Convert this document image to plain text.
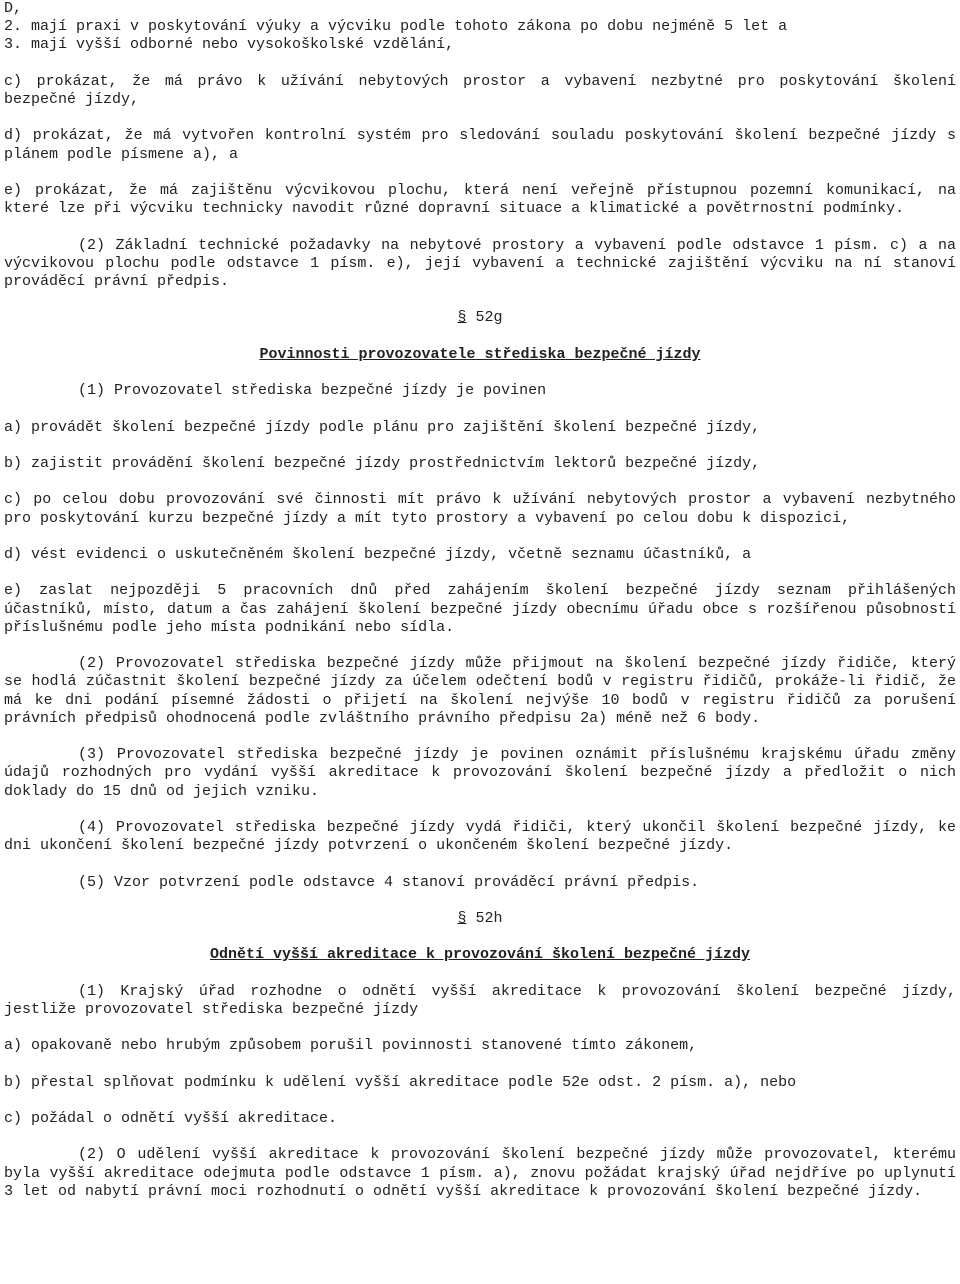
D,
2. mají praxi v poskytování výuky a výcviku podle tohoto zákona po dobu nejméně 5 let a
3. mají vyšší odborné nebo vysokoškolské vzdělání,

c) prokázat, že má právo k užívání nebytových prostor a vybavení nezbytné pro poskytování školení bezpečné jízdy,

d) prokázat, že má vytvořen kontrolní systém pro sledování souladu poskytování školení bezpečné jízdy s plánem podle písmene a), a

e) prokázat, že má zajištěnu výcvikovou plochu, která není veřejně přístupnou pozemní komunikací, na které lze při výcviku technicky navodit různé dopravní situace a klimatické a povětrnostní podmínky.

(2) Základní technické požadavky na nebytové prostory a vybavení podle odstavce 1 písm. c) a na výcvikovou plochu podle odstavce 1 písm. e), její vybavení a technické zajištění výcviku na ní stanoví prováděcí právní předpis.

§ 52g
Povinnosti provozovatele střediska bezpečné jízdy

(1) Provozovatel střediska bezpečné jízdy je povinen

a) provádět školení bezpečné jízdy podle plánu pro zajištění školení bezpečné jízdy,

b) zajistit provádění školení bezpečné jízdy prostřednictvím lektorů bezpečné jízdy,

c) po celou dobu provozování své činnosti mít právo k užívání nebytových prostor a vybavení nezbytného pro poskytování kurzu bezpečné jízdy a mít tyto prostory a vybavení po celou dobu k dispozici,

d) vést evidenci o uskutečněném školení bezpečné jízdy, včetně seznamu účastníků, a

e) zaslat nejpozději 5 pracovních dnů před zahájením školení bezpečné jízdy seznam přihlášených účastníků, místo, datum a čas zahájení školení bezpečné jízdy obecnímu úřadu obce s rozšířenou působností příslušnému podle jeho místa podnikání nebo sídla.

(2) Provozovatel střediska bezpečné jízdy může přijmout na školení bezpečné jízdy řidiče, který se hodlá zúčastnit školení bezpečné jízdy za účelem odečtení bodů v registru řidičů, prokáže-li řidič, že má ke dni podání písemné žádosti o přijetí na školení nejvýše 10 bodů v registru řidičů za porušení právních předpisů ohodnocená podle zvláštního právního předpisu 2a) méně než 6 body.

(3) Provozovatel střediska bezpečné jízdy je povinen oznámit příslušnému krajskému úřadu změny údajů rozhodných pro vydání vyšší akreditace k provozování školení bezpečné jízdy a předložit o nich doklady do 15 dnů od jejich vzniku.

(4) Provozovatel střediska bezpečné jízdy vydá řidiči, který ukončil školení bezpečné jízdy, ke dni ukončení školení bezpečné jízdy potvrzení o ukončeném školení bezpečné jízdy.

(5) Vzor potvrzení podle odstavce 4 stanoví prováděcí právní předpis.

§ 52h
Odnětí vyšší akreditace k provozování školení bezpečné jízdy

(1) Krajský úřad rozhodne o odnětí vyšší akreditace k provozování školení bezpečné jízdy, jestliže provozovatel střediska bezpečné jízdy

a) opakovaně nebo hrubým způsobem porušil povinnosti stanovené tímto zákonem,

b) přestal splňovat podmínku k udělení vyšší akreditace podle 52e odst. 2 písm. a), nebo

c) požádal o odnětí vyšší akreditace.

(2) O udělení vyšší akreditace k provozování školení bezpečné jízdy může provozovatel, kterému byla vyšší akreditace odejmuta podle odstavce 1 písm. a), znovu požádat krajský úřad nejdříve po uplynutí 3 let od nabytí právní moci rozhodnutí o odnětí vyšší akreditace k provozování školení bezpečné jízdy.
